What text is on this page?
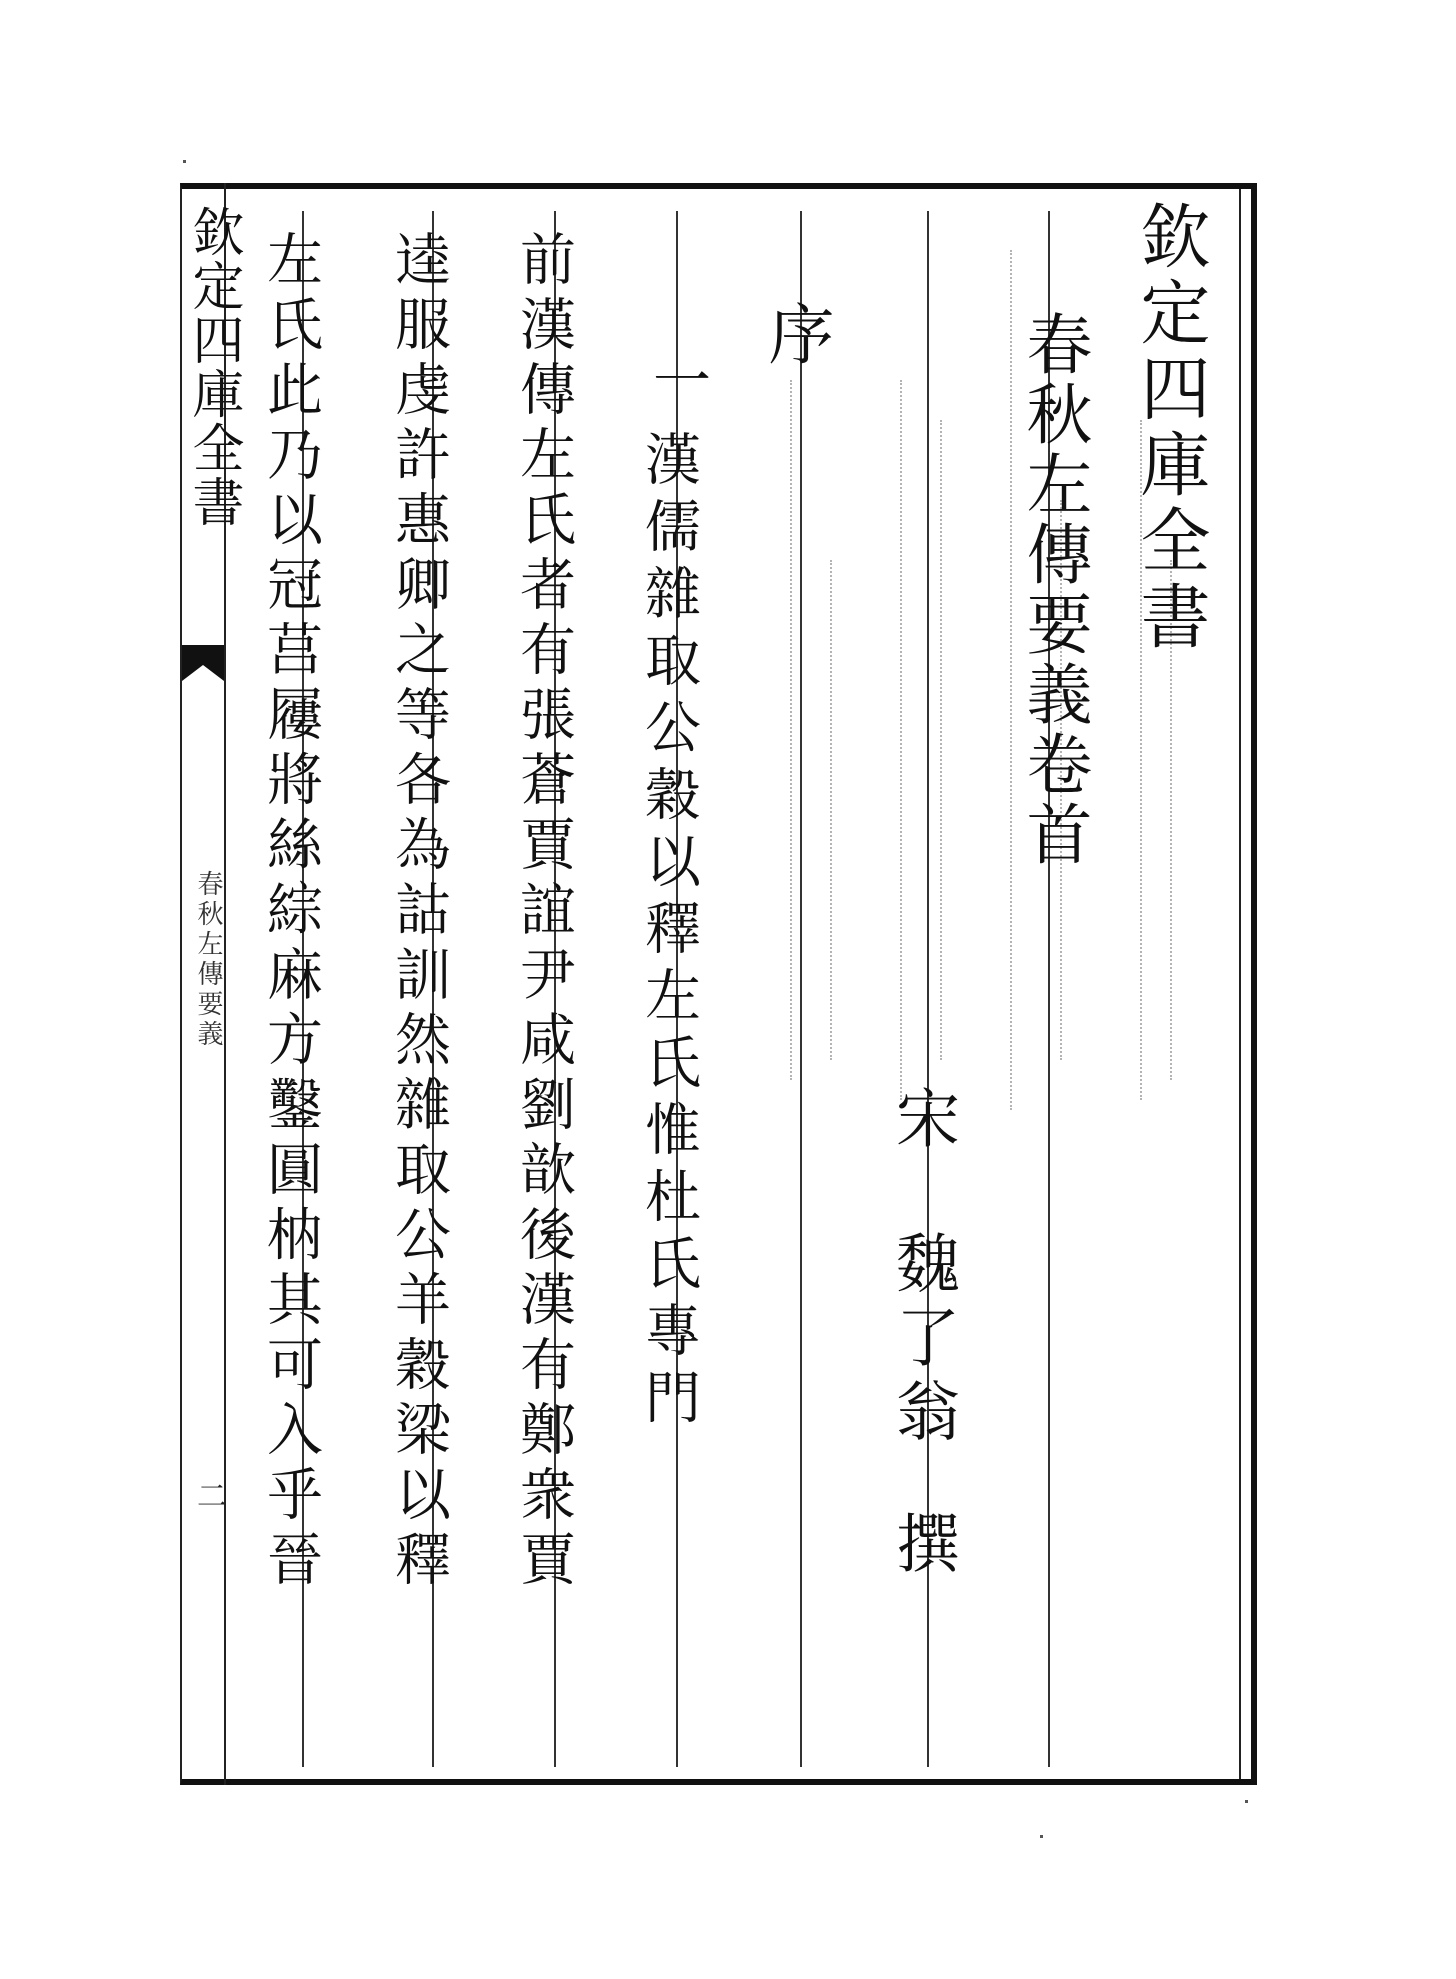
欽定四庫全書
春秋左傳要義
二
欽定四庫全書
春秋左傳要義卷首
宋
魏了翁
撰
序
一
漢儒雜取公穀以釋左氏惟杜氏專門
前漢傳左氏者有張蒼賈誼尹咸劉歆後漢有鄭衆賈
逵服虔許惠卿之等各為詁訓然雜取公羊穀梁以釋
左氏此乃以冠莒屨將絲綜麻方鑿圓枘其可入乎晉
